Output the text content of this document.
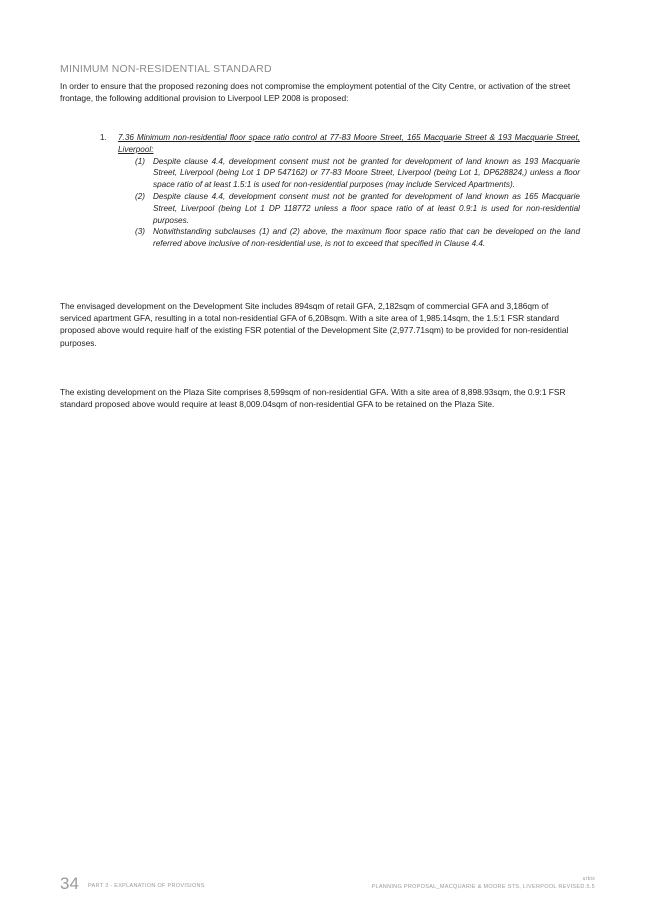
MINIMUM NON-RESIDENTIAL STANDARD
In order to ensure that the proposed rezoning does not compromise the employment potential of the City Centre, or activation of the street frontage, the following additional provision to Liverpool LEP 2008 is proposed:
1.	7.36 Minimum non-residential floor space ratio control at 77-83 Moore Street, 165 Macquarie Street & 193 Macquarie Street, Liverpool:
(1) Despite clause 4.4, development consent must not be granted for development of land known as 193 Macquarie Street, Liverpool (being Lot 1 DP 547162) or 77-83 Moore Street, Liverpool (being Lot 1, DP628824,) unless a floor space ratio of at least 1.5:1 is used for non-residential purposes (may include Serviced Apartments).
(2) Despite clause 4.4, development consent must not be granted for development of land known as 165 Macquarie Street, Liverpool (being Lot 1 DP 118772 unless a floor space ratio of at least 0.9:1 is used for non-residential purposes.
(3) Notwithstanding subclauses (1) and (2) above, the maximum floor space ratio that can be developed on the land referred above inclusive of non-residential use, is not to exceed that specified in Clause 4.4.
The envisaged development on the Development Site includes 894sqm of retail GFA, 2,182sqm of commercial GFA and 3,186qm of serviced apartment GFA, resulting in a total non-residential GFA of 6,208sqm. With a site area of 1,985.14sqm, the 1.5:1 FSR standard proposed above would require half of the existing FSR potential of the Development Site (2,977.71sqm) to be provided for non-residential purposes.
The existing development on the Plaza Site comprises 8,599sqm of non-residential GFA. With a site area of 8,898.93sqm, the 0.9:1 FSR standard proposed above would require at least 8,009.04sqm of non-residential GFA to be retained on the Plaza Site.
34 PART 3 - EXPLANATION OF PROVISIONS
urbis
PLANNING PROPOSAL_MACQUARIE & MOORE STS, LIVERPOOL REVISED.5.5
